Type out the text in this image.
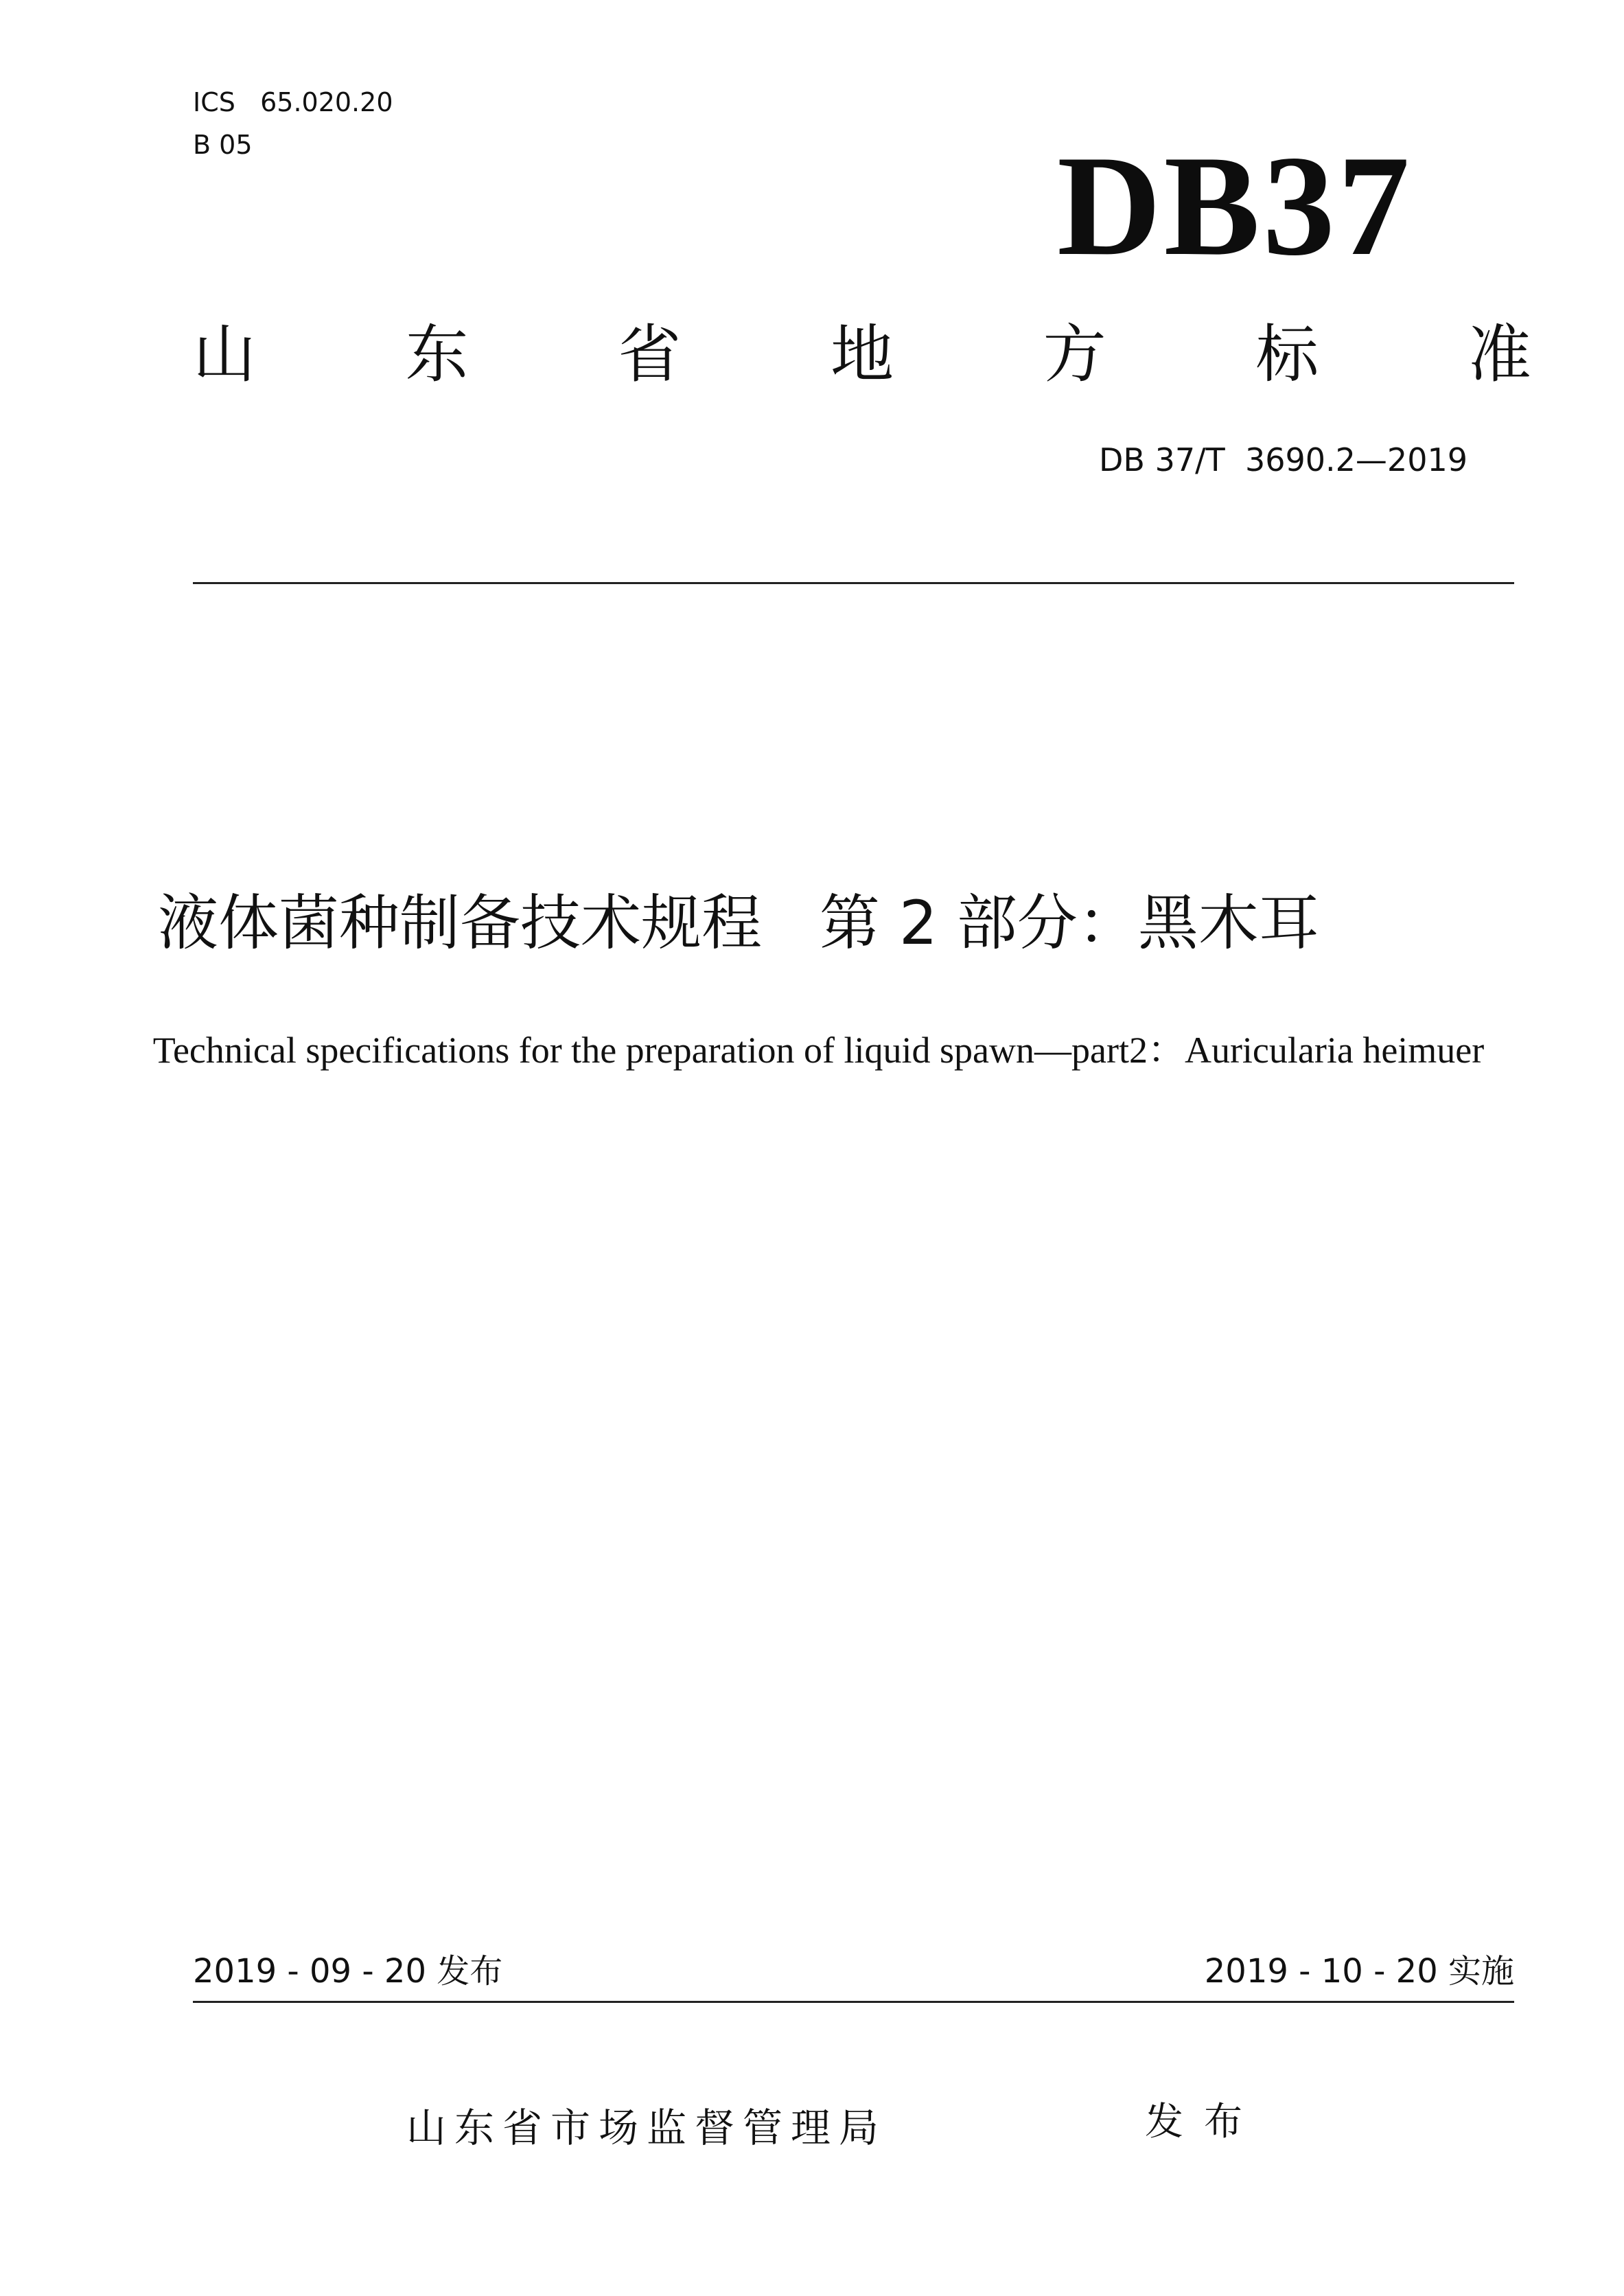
ICS   65.020.20
B 05	DB37
山 东 省 地 方 标 准
DB 37/T  3690.2—2019
液体菌种制备技术规程   第 2 部分：黑木耳
Technical specifications for the preparation of liquid spawn—part2：Auricularia heimuer
2019 - 09 - 20 发布	2019 - 10 - 20 实施
山东省市场监督管理局	发布
